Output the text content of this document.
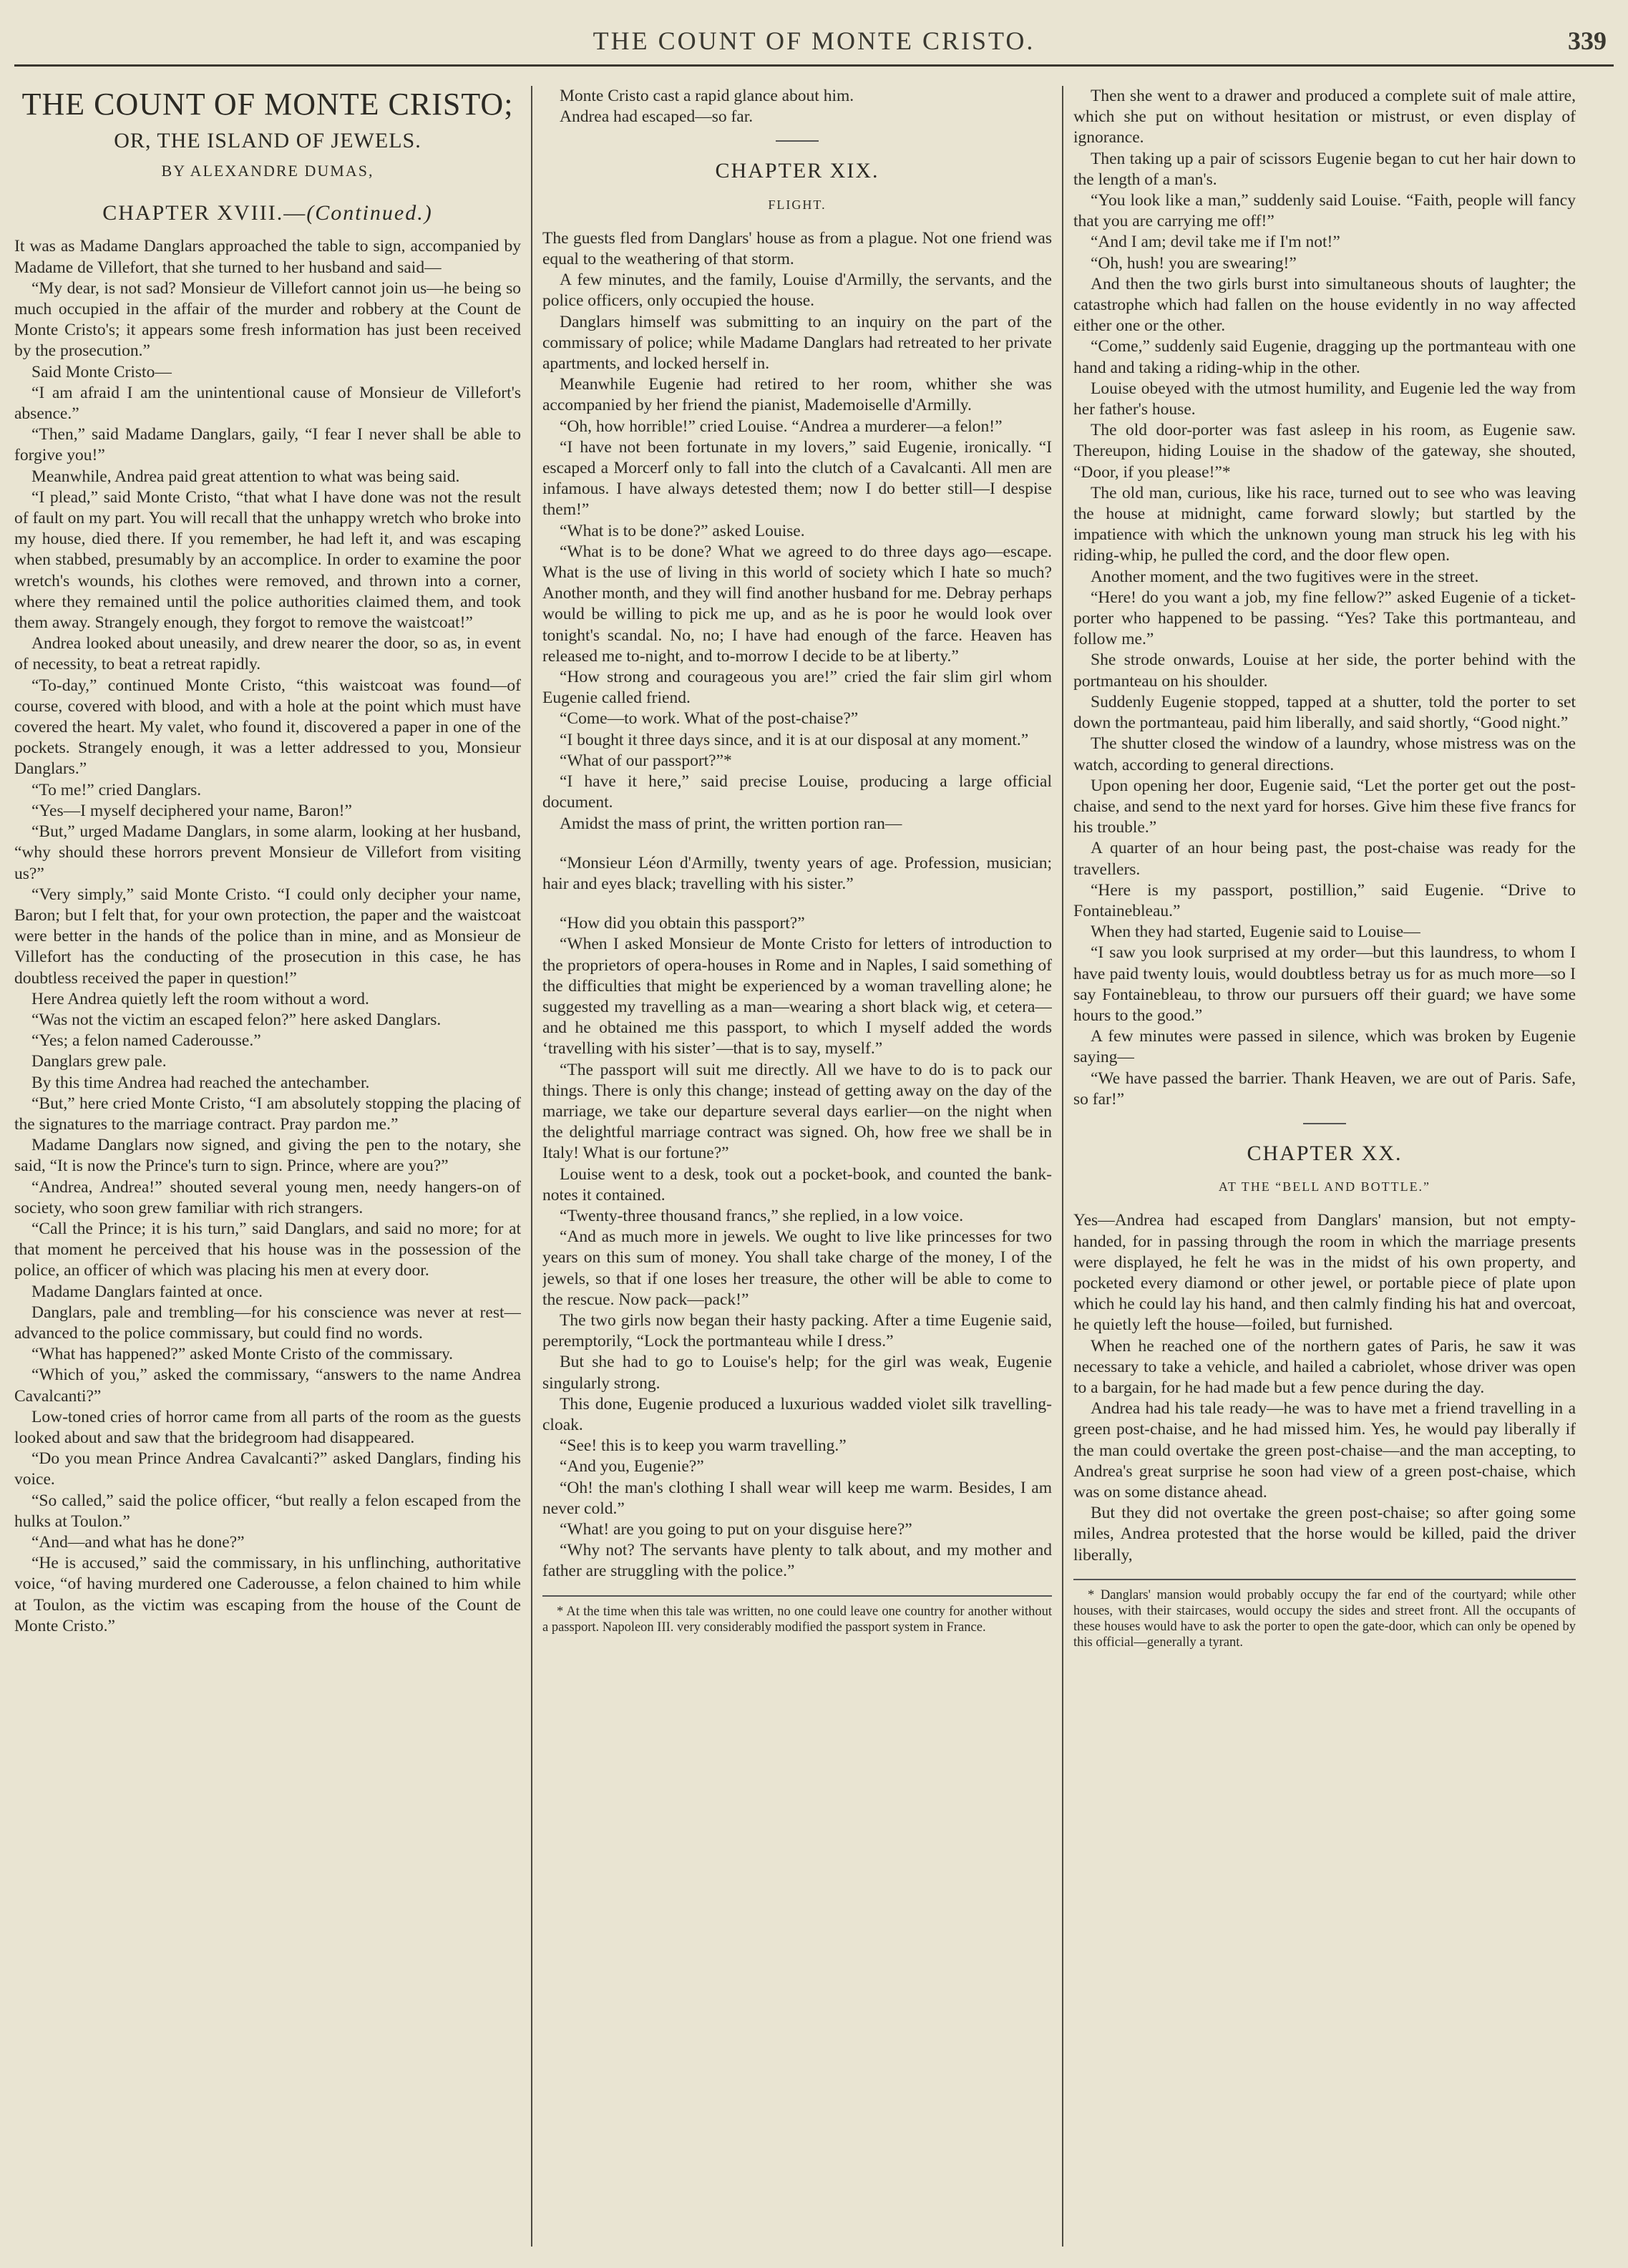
THE COUNT OF MONTE CRISTO.	339
THE COUNT OF MONTE CRISTO;
OR, THE ISLAND OF JEWELS.
BY ALEXANDRE DUMAS,
CHAPTER XVIII.—(Continued.)

It was as Madame Danglars approached the table to sign, accompanied by Madame de Villefort, that she turned to her husband and said—

“My dear, is not sad? Monsieur de Villefort cannot join us—he being so much occupied in the affair of the murder and robbery at the Count de Monte Cristo's; it appears some fresh information has just been received by the prosecution.”

Said Monte Cristo—

“I am afraid I am the unintentional cause of Monsieur de Villefort's absence.”

“Then,” said Madame Danglars, gaily, “I fear I never shall be able to forgive you!”

Meanwhile, Andrea paid great attention to what was being said.

“I plead,” said Monte Cristo, “that what I have done was not the result of fault on my part. You will recall that the unhappy wretch who broke into my house, died there. If you remember, he had left it, and was escaping when stabbed, presumably by an accomplice. In order to examine the poor wretch's wounds, his clothes were removed, and thrown into a corner, where they remained until the police authorities claimed them, and took them away. Strangely enough, they forgot to remove the waistcoat!”

Andrea looked about uneasily, and drew nearer the door, so as, in event of necessity, to beat a retreat rapidly.

“To-day,” continued Monte Cristo, “this waistcoat was found—of course, covered with blood, and with a hole at the point which must have covered the heart. My valet, who found it, discovered a paper in one of the pockets. Strangely enough, it was a letter addressed to you, Monsieur Danglars.”

“To me!” cried Danglars.

“Yes—I myself deciphered your name, Baron!”

“But,” urged Madame Danglars, in some alarm, looking at her husband, “why should these horrors prevent Monsieur de Villefort from visiting us?”

“Very simply,” said Monte Cristo. “I could only decipher your name, Baron; but I felt that, for your own protection, the paper and the waistcoat were better in the hands of the police than in mine, and as Monsieur de Villefort has the conducting of the prosecution in this case, he has doubtless received the paper in question!”

Here Andrea quietly left the room without a word.

“Was not the victim an escaped felon?” here asked Danglars.

“Yes; a felon named Caderousse.”

Danglars grew pale.

By this time Andrea had reached the antechamber.

“But,” here cried Monte Cristo, “I am absolutely stopping the placing of the signatures to the marriage contract. Pray pardon me.”

Madame Danglars now signed, and giving the pen to the notary, she said, “It is now the Prince's turn to sign. Prince, where are you?”

“Andrea, Andrea!” shouted several young men, needy hangers-on of society, who soon grew familiar with rich strangers.

“Call the Prince; it is his turn,” said Danglars, and said no more; for at that moment he perceived that his house was in the possession of the police, an officer of which was placing his men at every door.

Madame Danglars fainted at once.

Danglars, pale and trembling—for his conscience was never at rest—advanced to the police commissary, but could find no words.

“What has happened?” asked Monte Cristo of the commissary.

“Which of you,” asked the commissary, “answers to the name Andrea Cavalcanti?”

Low-toned cries of horror came from all parts of the room as the guests looked about and saw that the bridegroom had disappeared.

“Do you mean Prince Andrea Cavalcanti?” asked Danglars, finding his voice.

“So called,” said the police officer, “but really a felon escaped from the hulks at Toulon.”

“And—and what has he done?”

“He is accused,” said the commissary, in his unflinching, authoritative voice, “of having murdered one Caderousse, a felon chained to him while at Toulon, as the victim was escaping from the house of the Count de Monte Cristo.”

Monte Cristo cast a rapid glance about him.

Andrea had escaped—so far.

CHAPTER XIX.
FLIGHT.

The guests fled from Danglars' house as from a plague. Not one friend was equal to the weathering of that storm.

A few minutes, and the family, Louise d'Armilly, the servants, and the police officers, only occupied the house.

Danglars himself was submitting to an inquiry on the part of the commissary of police; while Madame Danglars had retreated to her private apartments, and locked herself in.

Meanwhile Eugenie had retired to her room, whither she was accompanied by her friend the pianist, Mademoiselle d'Armilly.

“Oh, how horrible!” cried Louise. “Andrea a murderer—a felon!”

“I have not been fortunate in my lovers,” said Eugenie, ironically. “I escaped a Morcerf only to fall into the clutch of a Cavalcanti. All men are infamous. I have always detested them; now I do better still—I despise them!”

“What is to be done?” asked Louise.

“What is to be done? What we agreed to do three days ago—escape. What is the use of living in this world of society which I hate so much? Another month, and they will find another husband for me. Debray perhaps would be willing to pick me up, and as he is poor he would look over tonight's scandal. No, no; I have had enough of the farce. Heaven has released me to-night, and to-morrow I decide to be at liberty.”

“How strong and courageous you are!” cried the fair slim girl whom Eugenie called friend.

“Come—to work. What of the post-chaise?”

“I bought it three days since, and it is at our disposal at any moment.”

“What of our passport?”*

“I have it here,” said precise Louise, producing a large official document.

Amidst the mass of print, the written portion ran—

“Monsieur Léon d'Armilly, twenty years of age. Profession, musician; hair and eyes black; travelling with his sister.”

“How did you obtain this passport?”

“When I asked Monsieur de Monte Cristo for letters of introduction to the proprietors of opera-houses in Rome and in Naples, I said something of the difficulties that might be experienced by a woman travelling alone; he suggested my travelling as a man—wearing a short black wig, et cetera—and he obtained me this passport, to which I myself added the words ‘travelling with his sister’—that is to say, myself.”

“The passport will suit me directly. All we have to do is to pack our things. There is only this change; instead of getting away on the day of the marriage, we take our departure several days earlier—on the night when the delightful marriage contract was signed. Oh, how free we shall be in Italy! What is our fortune?”

Louise went to a desk, took out a pocket-book, and counted the bank-notes it contained.

“Twenty-three thousand francs,” she replied, in a low voice.

“And as much more in jewels. We ought to live like princesses for two years on this sum of money. You shall take charge of the money, I of the jewels, so that if one loses her treasure, the other will be able to come to the rescue. Now pack—pack!”

The two girls now began their hasty packing. After a time Eugenie said, peremptorily, “Lock the portmanteau while I dress.”

But she had to go to Louise's help; for the girl was weak, Eugenie singularly strong.

This done, Eugenie produced a luxurious wadded violet silk travelling-cloak.

“See! this is to keep you warm travelling.”

“And you, Eugenie?”

“Oh! the man's clothing I shall wear will keep me warm. Besides, I am never cold.”

“What! are you going to put on your disguise here?”

“Why not? The servants have plenty to talk about, and my mother and father are struggling with the police.”

* At the time when this tale was written, no one could leave one country for another without a passport. Napoleon III. very considerably modified the passport system in France.

Then she went to a drawer and produced a complete suit of male attire, which she put on without hesitation or mistrust, or even display of ignorance.

Then taking up a pair of scissors Eugenie began to cut her hair down to the length of a man's.

“You look like a man,” suddenly said Louise. “Faith, people will fancy that you are carrying me off!”

“And I am; devil take me if I'm not!”

“Oh, hush! you are swearing!”

And then the two girls burst into simultaneous shouts of laughter; the catastrophe which had fallen on the house evidently in no way affected either one or the other.

“Come,” suddenly said Eugenie, dragging up the portmanteau with one hand and taking a riding-whip in the other.

Louise obeyed with the utmost humility, and Eugenie led the way from her father's house.

The old door-porter was fast asleep in his room, as Eugenie saw. Thereupon, hiding Louise in the shadow of the gateway, she shouted, “Door, if you please!”*

The old man, curious, like his race, turned out to see who was leaving the house at midnight, came forward slowly; but startled by the impatience with which the unknown young man struck his leg with his riding-whip, he pulled the cord, and the door flew open.

Another moment, and the two fugitives were in the street.

“Here! do you want a job, my fine fellow?” asked Eugenie of a ticket-porter who happened to be passing. “Yes? Take this portmanteau, and follow me.”

She strode onwards, Louise at her side, the porter behind with the portmanteau on his shoulder.

Suddenly Eugenie stopped, tapped at a shutter, told the porter to set down the portmanteau, paid him liberally, and said shortly, “Good night.”

The shutter closed the window of a laundry, whose mistress was on the watch, according to general directions.

Upon opening her door, Eugenie said, “Let the porter get out the post-chaise, and send to the next yard for horses. Give him these five francs for his trouble.”

A quarter of an hour being past, the post-chaise was ready for the travellers.

“Here is my passport, postillion,” said Eugenie. “Drive to Fontainebleau.”

When they had started, Eugenie said to Louise—

“I saw you look surprised at my order—but this laundress, to whom I have paid twenty louis, would doubtless betray us for as much more—so I say Fontainebleau, to throw our pursuers off their guard; we have some hours to the good.”

A few minutes were passed in silence, which was broken by Eugenie saying—

“We have passed the barrier. Thank Heaven, we are out of Paris. Safe, so far!”

CHAPTER XX.
AT THE “BELL AND BOTTLE.”

Yes—Andrea had escaped from Danglars' mansion, but not empty-handed, for in passing through the room in which the marriage presents were displayed, he felt he was in the midst of his own property, and pocketed every diamond or other jewel, or portable piece of plate upon which he could lay his hand, and then calmly finding his hat and overcoat, he quietly left the house—foiled, but furnished.

When he reached one of the northern gates of Paris, he saw it was necessary to take a vehicle, and hailed a cabriolet, whose driver was open to a bargain, for he had made but a few pence during the day.

Andrea had his tale ready—he was to have met a friend travelling in a green post-chaise, and he had missed him. Yes, he would pay liberally if the man could overtake the green post-chaise—and the man accepting, to Andrea's great surprise he soon had view of a green post-chaise, which was on some distance ahead.

But they did not overtake the green post-chaise; so after going some miles, Andrea protested that the horse would be killed, paid the driver liberally,

* Danglars' mansion would probably occupy the far end of the courtyard; while other houses, with their staircases, would occupy the sides and street front. All the occupants of these houses would have to ask the porter to open the gate-door, which can only be opened by this official—generally a tyrant.
